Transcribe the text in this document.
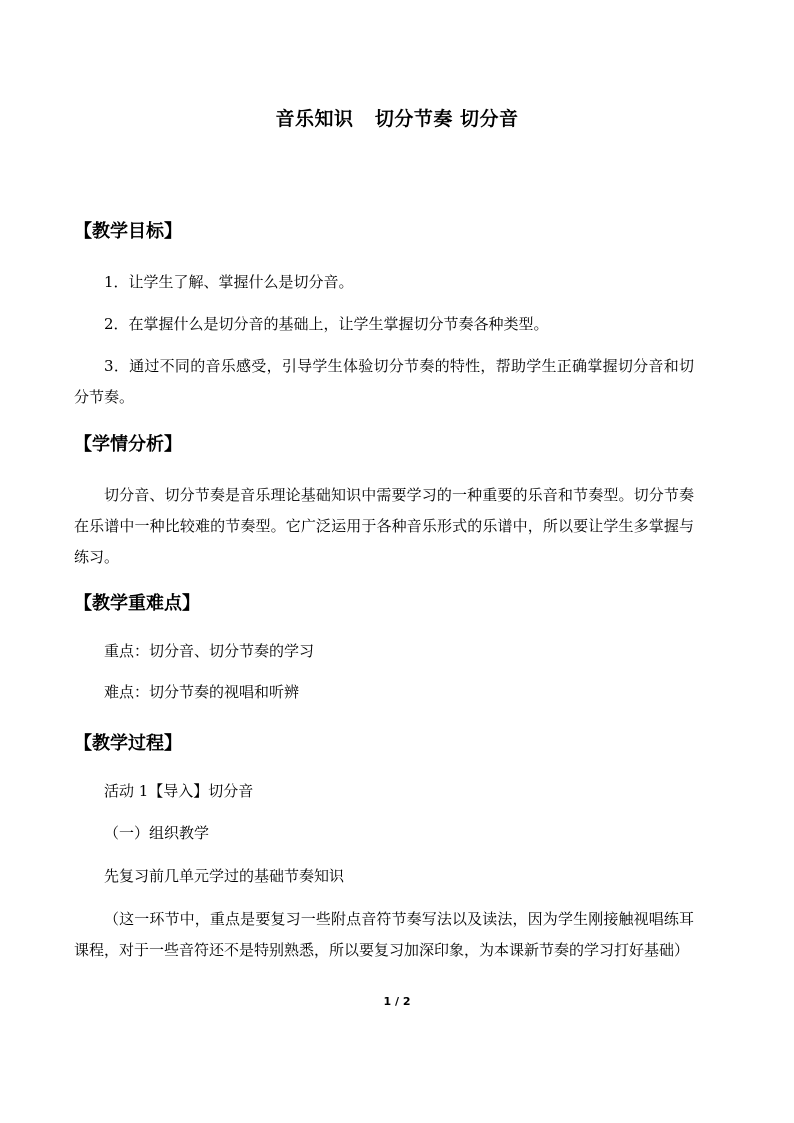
音乐知识   切分节奏 切分音
【教学目标】
1．让学生了解、掌握什么是切分音。
2．在掌握什么是切分音的基础上，让学生掌握切分节奏各种类型。
3．通过不同的音乐感受，引导学生体验切分节奏的特性，帮助学生正确掌握切分音和切分节奏。
【学情分析】
切分音、切分节奏是音乐理论基础知识中需要学习的一种重要的乐音和节奏型。切分节奏在乐谱中一种比较难的节奏型。它广泛运用于各种音乐形式的乐谱中，所以要让学生多掌握与练习。
【教学重难点】
重点：切分音、切分节奏的学习
难点：切分节奏的视唱和听辨
【教学过程】
活动 1【导入】切分音
（一）组织教学
先复习前几单元学过的基础节奏知识
（这一环节中，重点是要复习一些附点音符节奏写法以及读法，因为学生刚接触视唱练耳课程，对于一些音符还不是特别熟悉，所以要复习加深印象，为本课新节奏的学习打好基础）
1 / 2
